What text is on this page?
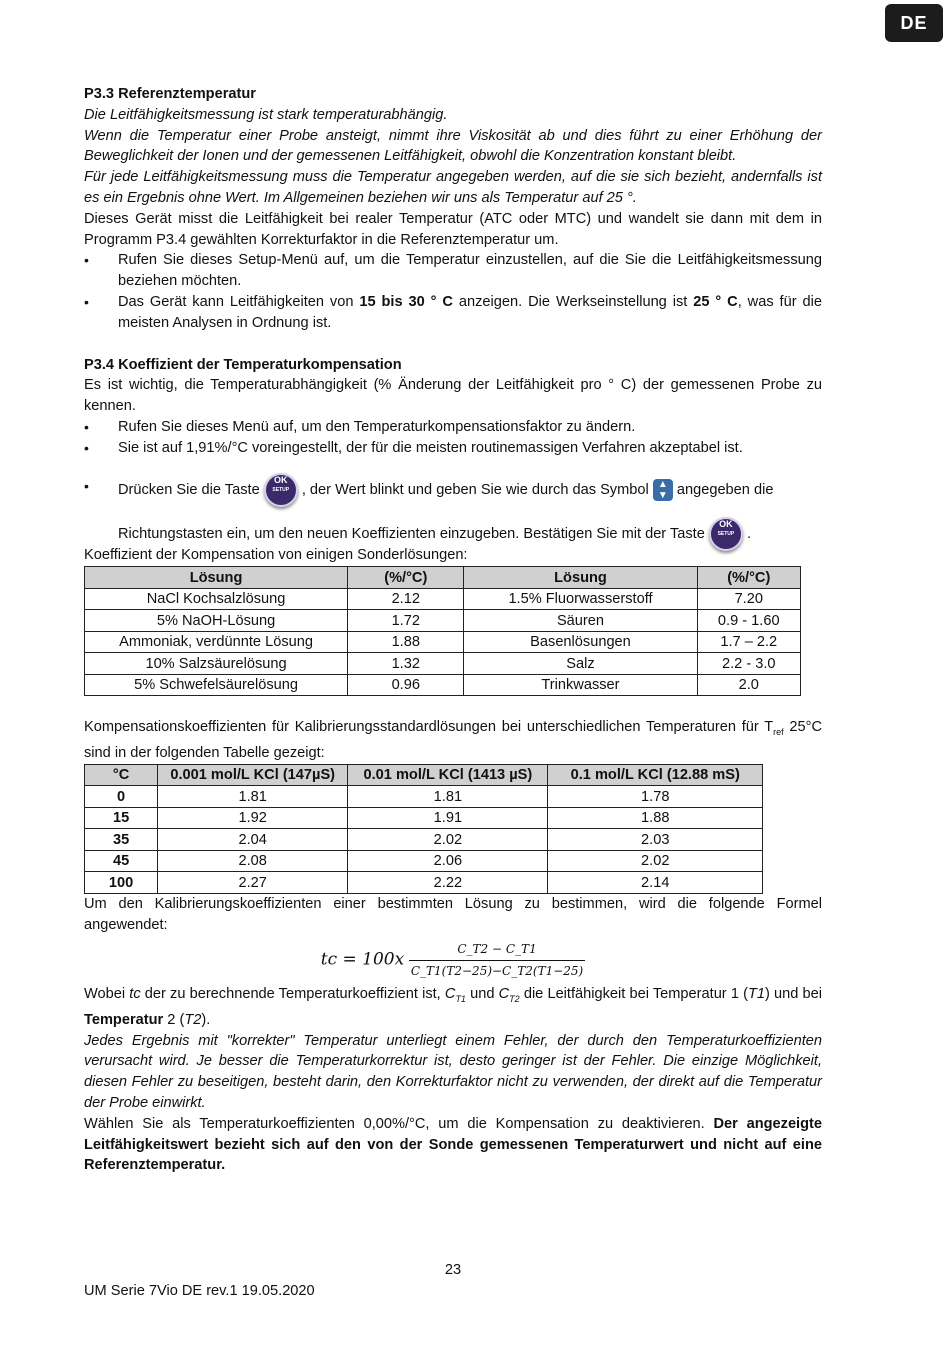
DE

P3.3 Referenztemperatur

Die Leitfähigkeitsmessung ist stark temperaturabhängig.

Wenn die Temperatur einer Probe ansteigt, nimmt ihre Viskosität ab und dies führt zu einer Erhöhung der Beweglichkeit der Ionen und der gemessenen Leitfähigkeit, obwohl die Konzentration konstant bleibt.

Für jede Leitfähigkeitsmessung muss die Temperatur angegeben werden, auf die sie sich bezieht, andernfalls ist es ein Ergebnis ohne Wert. Im Allgemeinen beziehen wir uns als Temperatur auf 25 °.

Dieses Gerät misst die Leitfähigkeit bei realer Temperatur (ATC oder MTC) und wandelt sie dann mit dem in Programm P3.4 gewählten Korrekturfaktor in die Referenztemperatur um.

• Rufen Sie dieses Setup-Menü auf, um die Temperatur einzustellen, auf die Sie die Leitfähigkeitsmessung beziehen möchten.

• Das Gerät kann Leitfähigkeiten von 15 bis 30 ° C anzeigen. Die Werkseinstellung ist 25 ° C, was für die meisten Analysen in Ordnung ist.

P3.4 Koeffizient der Temperaturkompensation

Es ist wichtig, die Temperaturabhängigkeit (% Änderung der Leitfähigkeit pro ° C) der gemessenen Probe zu kennen.

• Rufen Sie dieses Menü auf, um den Temperaturkompensationsfaktor zu ändern.

• Sie ist auf 1,91%/°C voreingestellt, der für die meisten routinemassigen Verfahren akzeptabel ist.

• Drücken Sie die Taste OK
SETUP , der Wert blinkt und geben Sie wie durch das Symbol ▲
▼ angegeben die

Richtungstasten ein, um den neuen Koeffizienten einzugeben. Bestätigen Sie mit der Taste OK
SETUP .

Koeffizient der Kompensation von einigen Sonderlösungen:

Lösung	(%/°C)	Lösung	(%/°C)
NaCl Kochsalzlösung	2.12	1.5% Fluorwasserstoff	7.20
5% NaOH-Lösung	1.72	Säuren	0.9 - 1.60
Ammoniak, verdünnte Lösung	1.88	Basenlösungen	1.7 – 2.2
10% Salzsäurelösung	1.32	Salz	2.2 - 3.0
5% Schwefelsäurelösung	0.96	Trinkwasser	2.0

Kompensationskoeffizienten für Kalibrierungsstandardlösungen bei unterschiedlichen Temperaturen für $T_{ref}$ 25°C sind in der folgenden Tabelle gezeigt:

°C	0.001 mol/L KCl (147µS)	0.01 mol/L KCl (1413 µS)	0.1 mol/L KCl (12.88 mS)
0	1.81	1.81	1.78
15	1.92	1.91	1.88
35	2.04	2.02	2.03
45	2.08	2.06	2.02
100	2.27	2.22	2.14

Um den Kalibrierungskoeffizienten einer bestimmten Lösung zu bestimmen, wird die folgende Formel angewendet:

tc = $100x \frac{C\_T2 - C\_T1}{C\_T1(T2-25)-C\_T2(T1-25)}$

Wobei tc der zu berechnende Temperaturkoeffizient ist, $C_{T1}$ und $C_{T2}$ die Leitfähigkeit bei Temperatur 1 (T1) und bei Temperatur 2 (T2).

Jedes Ergebnis mit "korrekter" Temperatur unterliegt einem Fehler, der durch den Temperaturkoeffizienten verursacht wird. Je besser die Temperaturkorrektur ist, desto geringer ist der Fehler. Die einzige Möglichkeit, diesen Fehler zu beseitigen, besteht darin, den Korrekturfaktor nicht zu verwenden, der direkt auf die Temperatur der Probe einwirkt.

Wählen Sie als Temperaturkoeffizienten 0,00%/°C, um die Kompensation zu deaktivieren. Der angezeigte Leitfähigkeitswert bezieht sich auf den von der Sonde gemessenen Temperaturwert und nicht auf eine Referenztemperatur.

23
UM Serie 7Vio DE rev.1 19.05.2020
